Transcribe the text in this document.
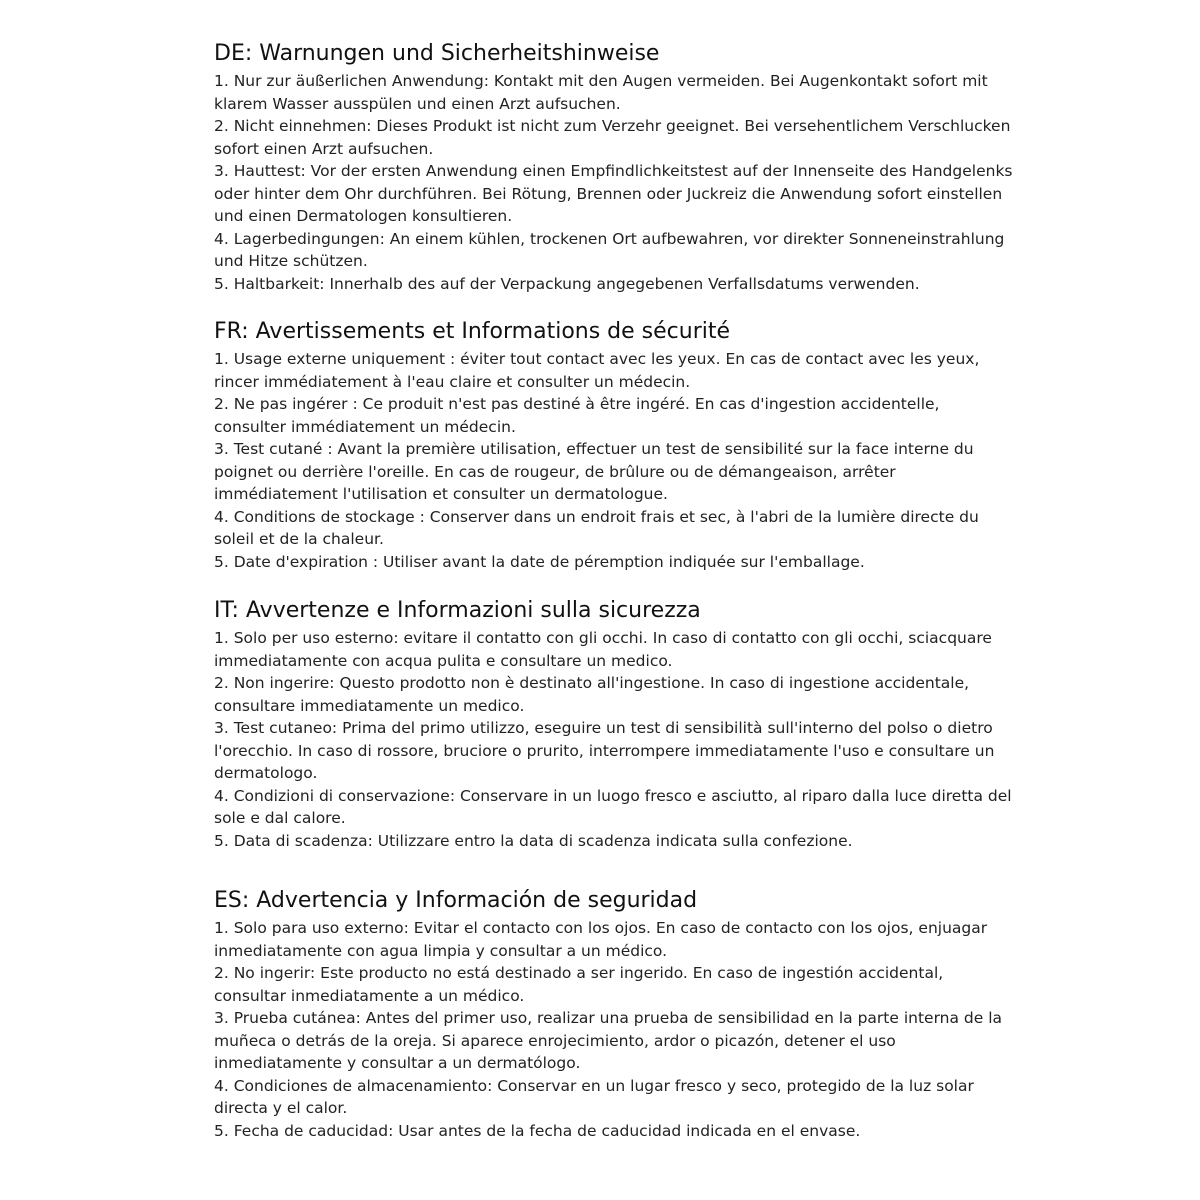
DE: Warnungen und Sicherheitshinweise

1. Nur zur äußerlichen Anwendung: Kontakt mit den Augen vermeiden. Bei Augenkontakt sofort mit klarem Wasser ausspülen und einen Arzt aufsuchen.

2. Nicht einnehmen: Dieses Produkt ist nicht zum Verzehr geeignet. Bei versehentlichem Verschlucken sofort einen Arzt aufsuchen.

3. Hauttest: Vor der ersten Anwendung einen Empfindlichkeitstest auf der Innenseite des Handgelenks oder hinter dem Ohr durchführen. Bei Rötung, Brennen oder Juckreiz die Anwendung sofort einstellen und einen Dermatologen konsultieren.

4. Lagerbedingungen: An einem kühlen, trockenen Ort aufbewahren, vor direkter Sonneneinstrahlung und Hitze schützen.

5. Haltbarkeit: Innerhalb des auf der Verpackung angegebenen Verfallsdatums verwenden.

FR: Avertissements et Informations de sécurité

1. Usage externe uniquement : éviter tout contact avec les yeux. En cas de contact avec les yeux, rincer immédiatement à l'eau claire et consulter un médecin.

2. Ne pas ingérer : Ce produit n'est pas destiné à être ingéré. En cas d'ingestion accidentelle, consulter immédiatement un médecin.

3. Test cutané : Avant la première utilisation, effectuer un test de sensibilité sur la face interne du poignet ou derrière l'oreille. En cas de rougeur, de brûlure ou de démangeaison, arrêter immédiatement l'utilisation et consulter un dermatologue.

4. Conditions de stockage : Conserver dans un endroit frais et sec, à l'abri de la lumière directe du soleil et de la chaleur.

5. Date d'expiration : Utiliser avant la date de péremption indiquée sur l'emballage.

IT: Avvertenze e Informazioni sulla sicurezza

1. Solo per uso esterno: evitare il contatto con gli occhi. In caso di contatto con gli occhi, sciacquare immediatamente con acqua pulita e consultare un medico.

2. Non ingerire: Questo prodotto non è destinato all'ingestione. In caso di ingestione accidentale, consultare immediatamente un medico.

3. Test cutaneo: Prima del primo utilizzo, eseguire un test di sensibilità sull'interno del polso o dietro l'orecchio. In caso di rossore, bruciore o prurito, interrompere immediatamente l'uso e consultare un dermatologo.

4. Condizioni di conservazione: Conservare in un luogo fresco e asciutto, al riparo dalla luce diretta del sole e dal calore.

5. Data di scadenza: Utilizzare entro la data di scadenza indicata sulla confezione.

ES: Advertencia y Información de seguridad

1. Solo para uso externo: Evitar el contacto con los ojos. En caso de contacto con los ojos, enjuagar inmediatamente con agua limpia y consultar a un médico.

2. No ingerir: Este producto no está destinado a ser ingerido. En caso de ingestión accidental, consultar inmediatamente a un médico.

3. Prueba cutánea: Antes del primer uso, realizar una prueba de sensibilidad en la parte interna de la muñeca o detrás de la oreja. Si aparece enrojecimiento, ardor o picazón, detener el uso inmediatamente y consultar a un dermatólogo.

4. Condiciones de almacenamiento: Conservar en un lugar fresco y seco, protegido de la luz solar directa y el calor.

5. Fecha de caducidad: Usar antes de la fecha de caducidad indicada en el envase.
